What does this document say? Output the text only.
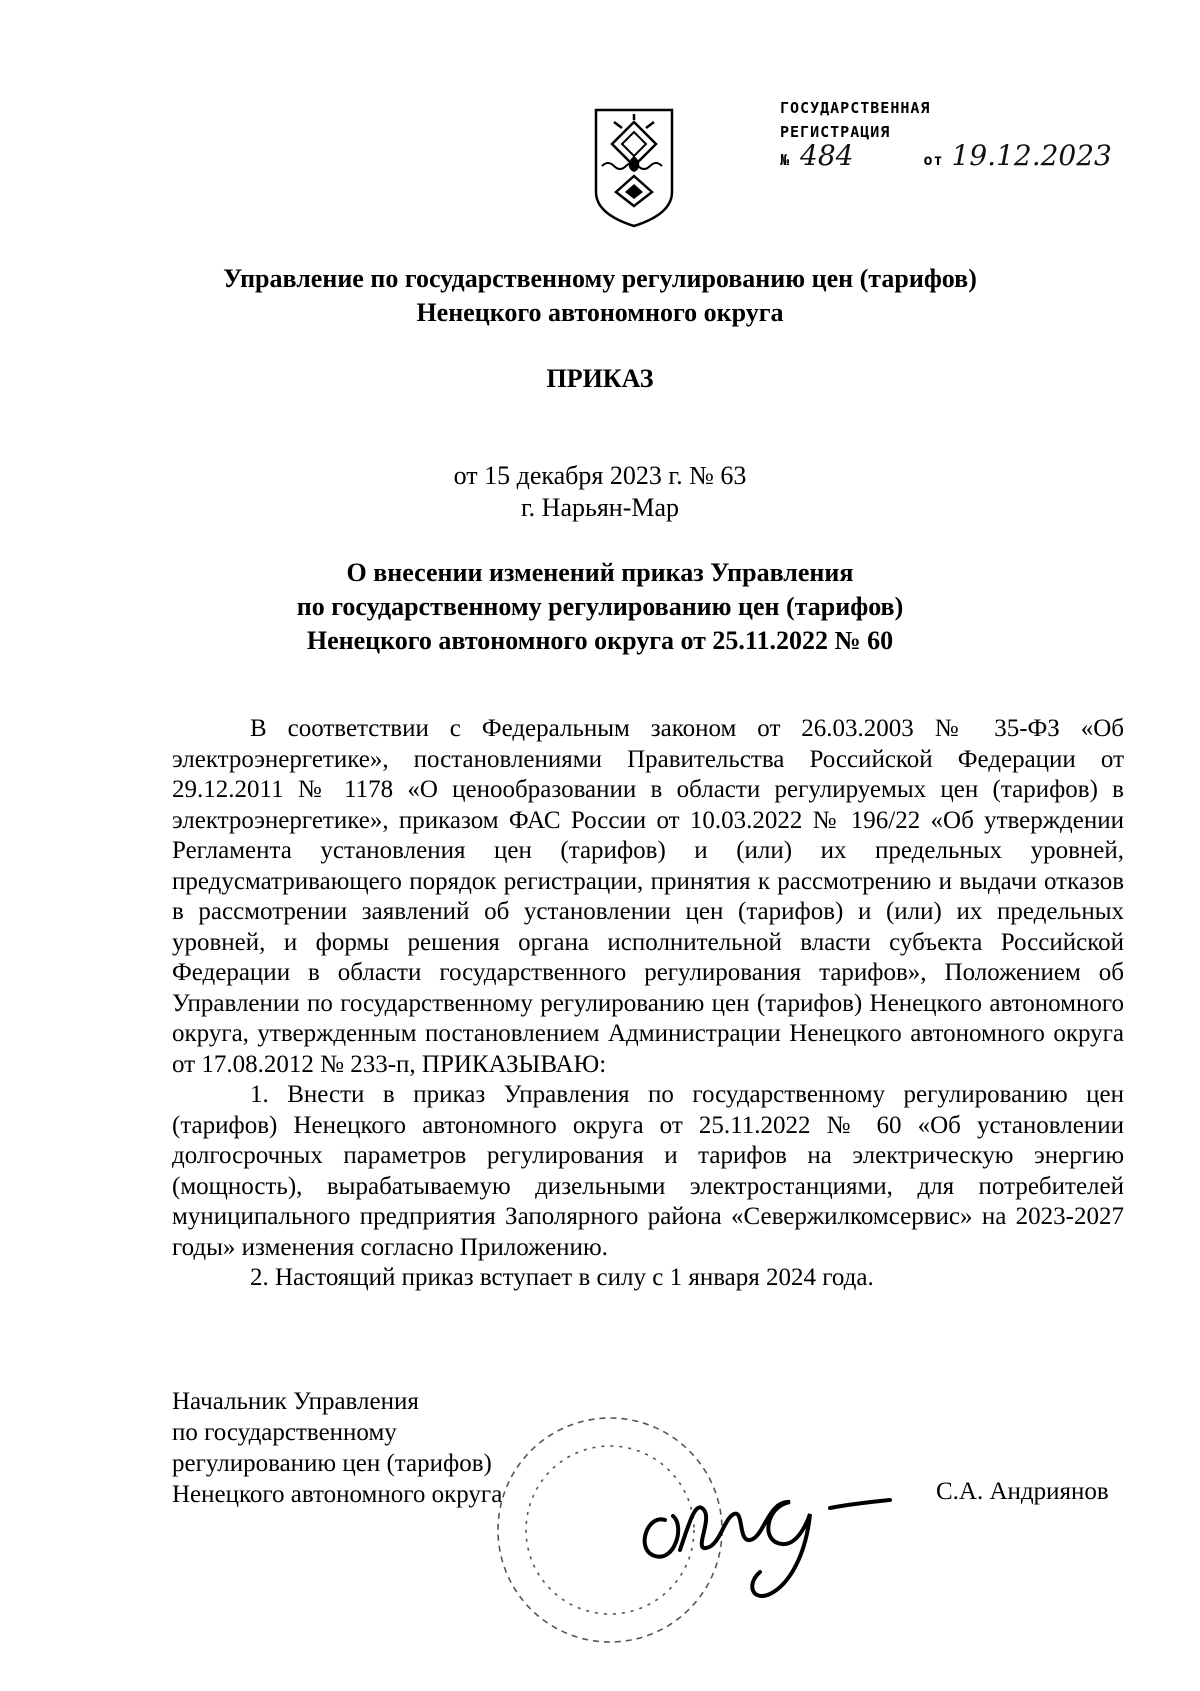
ГОСУДАРСТВЕННАЯ
РЕГИСТРАЦИЯ
№ 484	от 19.12.2023
Управление по государственному регулированию цен (тарифов)
Ненецкого автономного округа
ПРИКАЗ
от 15 декабря 2023 г. № 63
г. Нарьян-Мар
О внесении изменений приказ Управления
по государственному регулированию цен (тарифов)
Ненецкого автономного округа от 25.11.2022 № 60

В соответствии с Федеральным законом от 26.03.2003 № 35-ФЗ «Об электроэнергетике», постановлениями Правительства Российской Федерации от 29.12.2011 № 1178 «О ценообразовании в области регулируемых цен (тарифов) в электроэнергетике», приказом ФАС России от 10.03.2022 № 196/22 «Об утверждении Регламента установления цен (тарифов) и (или) их предельных уровней, предусматривающего порядок регистрации, принятия к рассмотрению и выдачи отказов в рассмотрении заявлений об установлении цен (тарифов) и (или) их предельных уровней, и формы решения органа исполнительной власти субъекта Российской Федерации в области государственного регулирования тарифов», Положением об Управлении по государственному регулированию цен (тарифов) Ненецкого автономного округа, утвержденным постановлением Администрации Ненецкого автономного округа от 17.08.2012 № 233-п, ПРИКАЗЫВАЮ:

1. Внести в приказ Управления по государственному регулированию цен (тарифов) Ненецкого автономного округа от 25.11.2022 № 60 «Об установлении долгосрочных параметров регулирования и тарифов на электрическую энергию (мощность), вырабатываемую дизельными электростанциями, для потребителей муниципального предприятия Заполярного района «Севержилкомсервис» на 2023-2027 годы» изменения согласно Приложению.

2. Настоящий приказ вступает в силу с 1 января 2024 года.

Начальник Управления
по государственному
регулированию цен (тарифов)
Ненецкого автономного округа	С.А. Андриянов
